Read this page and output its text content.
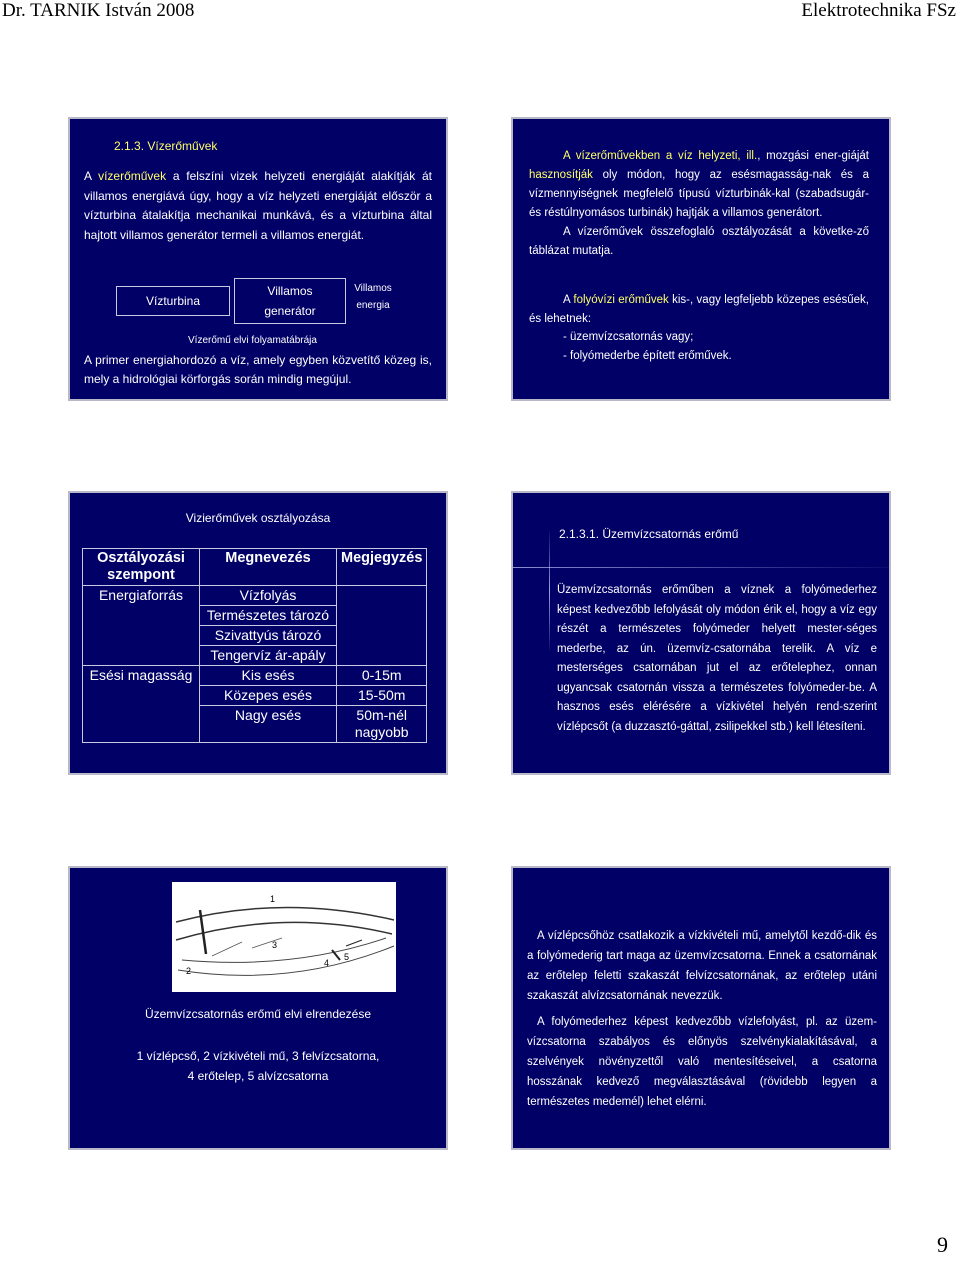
Dr. TARNIK István 2008	Elektrotechnika FSz
2.1.3. Vízerőművek

A vízerőművek a felszíni vizek helyzeti energiáját alakítják át villamos energiává úgy, hogy a víz helyzeti energiáját először a vízturbina átalakítja mechanikai munkává, és a vízturbina által hajtott villamos generátor termeli a villamos energiát.

Vízturbina
Villamos
generátor
Villamos
energia
Vízerőmű elvi folyamatábrája

A primer energiahordozó a víz, amely egyben közvetítő közeg is, mely a hidrológiai körforgás során mindig megújul.

A vízerőművekben a víz helyzeti, ill., mozgási ener-giáját hasznosítják oly módon, hogy az esésmagasság-nak és a vízmennyiségnek megfelelő típusú vízturbinák-kal (szabadsugár- és réstúlnyomásos turbinák) hajtják a villamos generátort.
A vízerőművek összefoglaló osztályozását a követke-ző táblázat mutatja.
A folyóvízi erőművek kis-, vagy legfeljebb közepes esésűek, és lehetnek:
- üzemvízcsatornás vagy;
- folyómederbe épített erőművek.
Vizierőművek osztályozása
Osztályozási szempont	Megnevezés	Megjegyzés
Energiaforrás	Vízfolyás	
	Természetes tározó	
	Szivattyús tározó	
	Tengervíz ár-apály	
Esési magasság	Kis esés	0-15m
	Közepes esés	15-50m
	Nagy esés	50m-nél nagyobb
2.1.3.1. Üzemvízcsatornás erőmű

Üzemvízcsatornás erőműben a víznek a folyómederhez képest kedvezőbb lefolyását oly módon érik el, hogy a víz egy részét a természetes folyómeder helyett mester-séges mederbe, az ún. üzemvíz-csatornába terelik. A víz e mesterséges csatornában jut el az erőtelephez, onnan ugyancsak csatornán vissza a természetes folyómeder-be. A hasznos esés elérésére a vízkivétel helyén rend-szerint vízlépcsőt (a duzzasztó-gáttal, zsilipekkel stb.) kell létesíteni.

1
2
3
4
5
Üzemvízcsatornás erőmű elvi elrendezése
1 vízlépcső, 2 vízkivételi mű, 3 felvízcsatorna,
4 erőtelep, 5 alvízcsatorna
A vízlépcsőhöz csatlakozik a vízkivételi mű, amelytől kezdő-dik és a folyómederig tart maga az üzemvízcsatorna. Ennek a csatornának az erőtelep feletti szakaszát felvízcsatornának, az erőtelep utáni szakaszát alvízcsatornának nevezzük.
A folyómederhez képest kedvezőbb vízlefolyást, pl. az üzem-vízcsatorna szabályos és előnyös szelvénykialakításával, a szelvények növényzettől való mentesítéseivel, a csatorna hosszának kedvező megválasztásával (rövidebb legyen a természetes medemél) lehet elérni.
9
